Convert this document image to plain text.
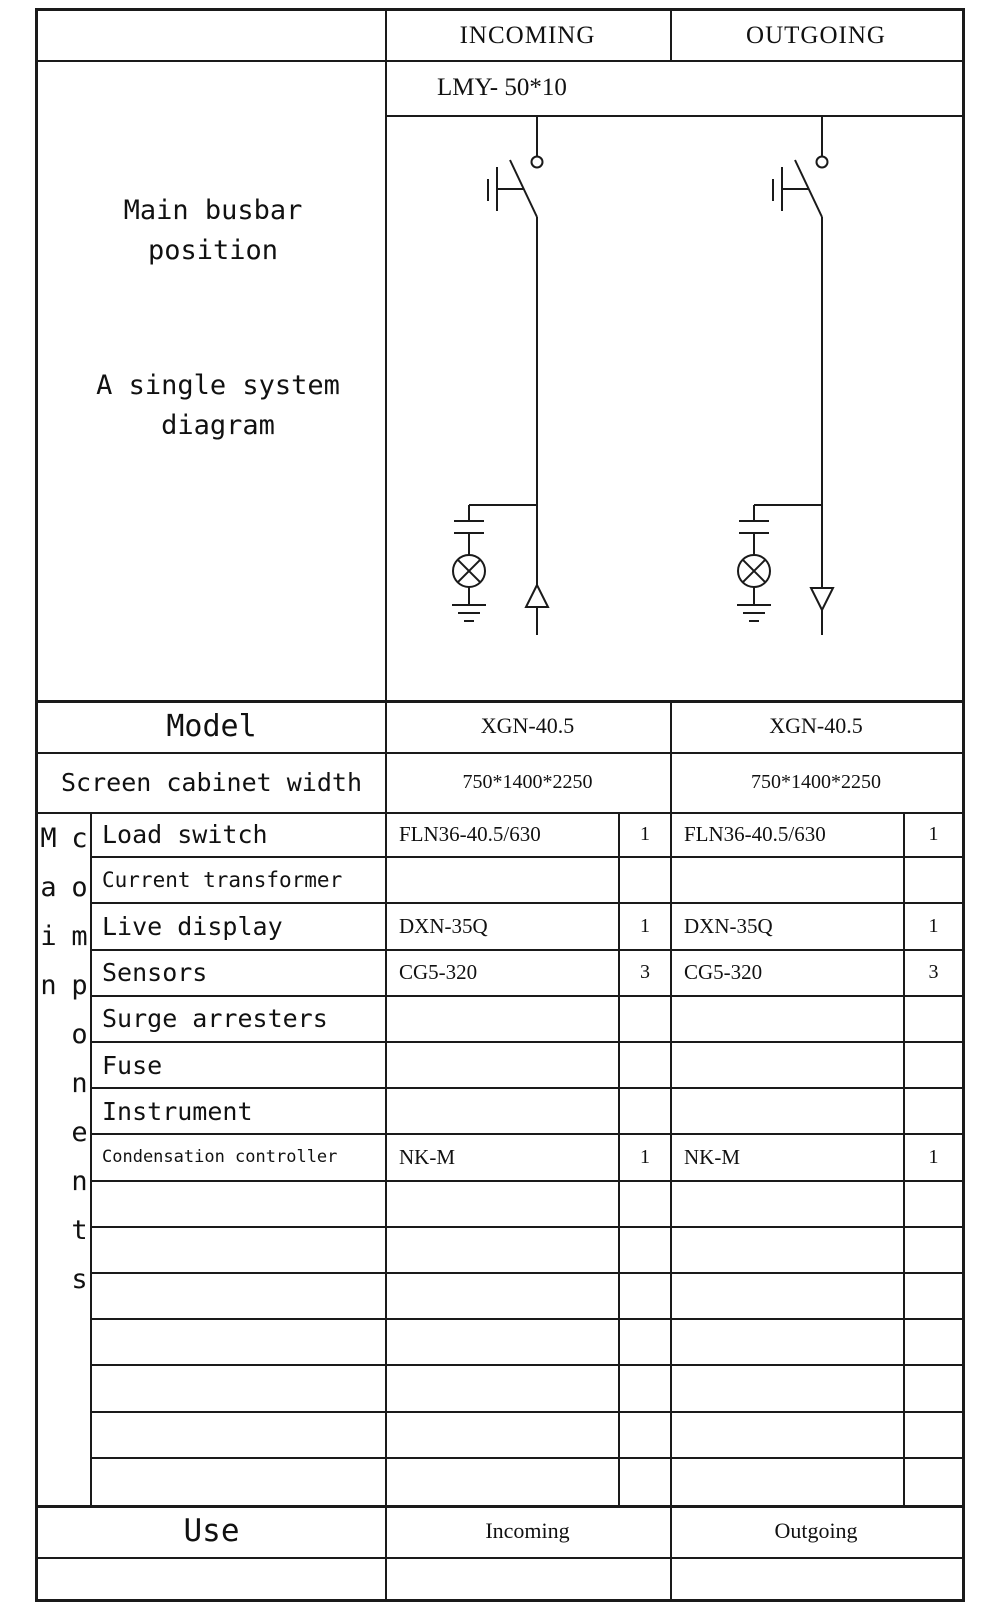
INCOMING	OUTGOING
LMY- 50*10
Main busbar position
A single system diagram
Model	XGN-40.5	XGN-40.5
Screen cabinet width	750*1400*2250	750*1400*2250
Main components Load switch	FLN36-40.5/630	1	FLN36-40.5/630	1
Current transformer
Live display	DXN-35Q	1	DXN-35Q	1
Sensors	CG5-320	3	CG5-320	3
Surge arresters
Fuse
Instrument
Condensation controller	NK-M	1	NK-M	1
Use	Incoming	Outgoing
